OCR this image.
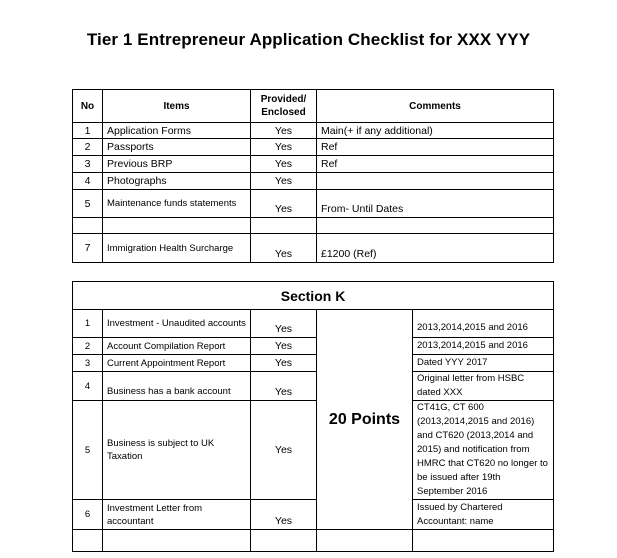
Tier 1 Entrepreneur Application Checklist for XXX YYY
No	Items	Provided/ Enclosed	Comments
1	Application Forms	Yes	Main(+ if any additional)
2	Passports	Yes	Ref
3	Previous BRP	Yes	Ref
4	Photographs	Yes	
5	Maintenance funds statements	Yes	From- Until Dates

7	Immigration Health Surcharge	Yes	£1200 (Ref)
Section K				
1	Investment - Unaudited accounts	Yes	20 Points	2013,2014,2015 and 2016
2	Account Compilation Report	Yes		2013,2014,2015 and 2016
3	Current Appointment Report	Yes		Dated YYY 2017
4	Business has a bank account	Yes		Original letter from HSBC dated XXX
5	Business is subject to UK Taxation	Yes		CT41G, CT 600 (2013,2014,2015 and 2016) and CT620 (2013,2014 and 2015) and notification from HMRC that CT620 no longer to be issued after 19th September 2016
6	Investment Letter from accountant	Yes		Issued by Chartered Accountant: name
